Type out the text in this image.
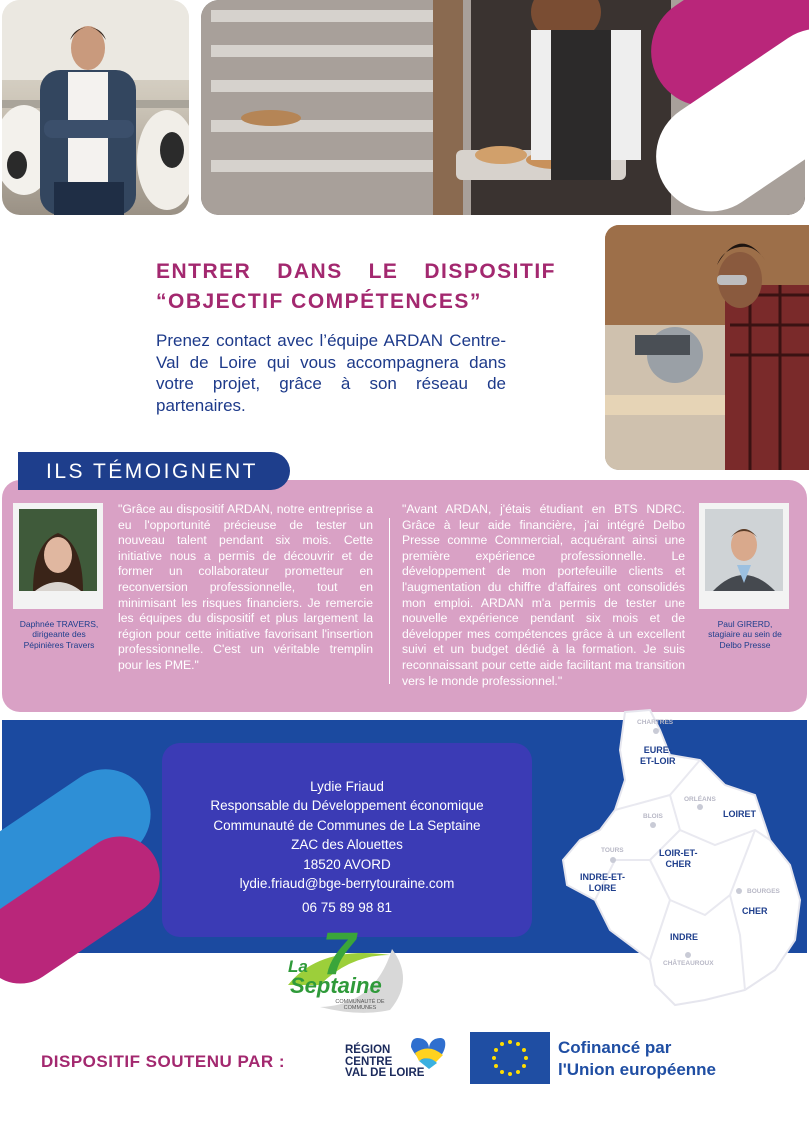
ENTRER DANS LE DISPOSITIF
“OBJECTIF COMPÉTENCES”
Prenez contact avec l’équipe ARDAN Centre-Val de Loire qui vous accompagnera dans votre projet, grâce à son réseau de partenaires.
ILS TÉMOIGNENT
Daphnée TRAVERS,
dirigeante des Pépinières Travers
"Grâce au dispositif ARDAN, notre entreprise a eu l'opportunité précieuse de tester un nouveau talent pendant six mois. Cette initiative nous a permis de découvrir et de former un collaborateur prometteur en reconversion professionnelle, tout en minimisant les risques financiers. Je remercie les équipes du dispositif et plus largement la région pour cette initiative favorisant l'insertion professionnelle. C'est un véritable tremplin pour les PME."
"Avant ARDAN, j'étais étudiant en BTS NDRC. Grâce à leur aide financière, j'ai intégré Delbo Presse comme Commercial, acquérant ainsi une première expérience professionnelle. Le développement de mon portefeuille clients et l'augmentation du chiffre d'affaires ont consolidés mon emploi. ARDAN m'a permis de tester une nouvelle expérience pendant six mois et de développer mes compétences grâce à un excellent suivi et un budget dédié à la formation. Je suis reconnaissant pour cette aide facilitant ma transition vers le monde professionnel."
Paul GIRERD,
stagiaire au sein de Delbo Presse
Lydie Friaud
Responsable du Développement économique
Communauté de Communes de La Septaine
ZAC des Alouettes
18520 AVORD
lydie.friaud@bge-berrytouraine.com
06 75 89 98 81
CHARTRES
EURE-
ET-LOIR
ORLÉANS
LOIRET
BLOIS
LOIR-ET-
CHER
TOURS
INDRE-ET-
LOIRE	BOURGES
CHER
INDRE
CHÂTEAUROUX
7
La
Septaine
COMMUNAUTÉ DE COMMUNES
DISPOSITIF SOUTENU PAR :
RÉGION
CENTRE
VAL DE LOIRE
Cofinancé par
l'Union européenne
